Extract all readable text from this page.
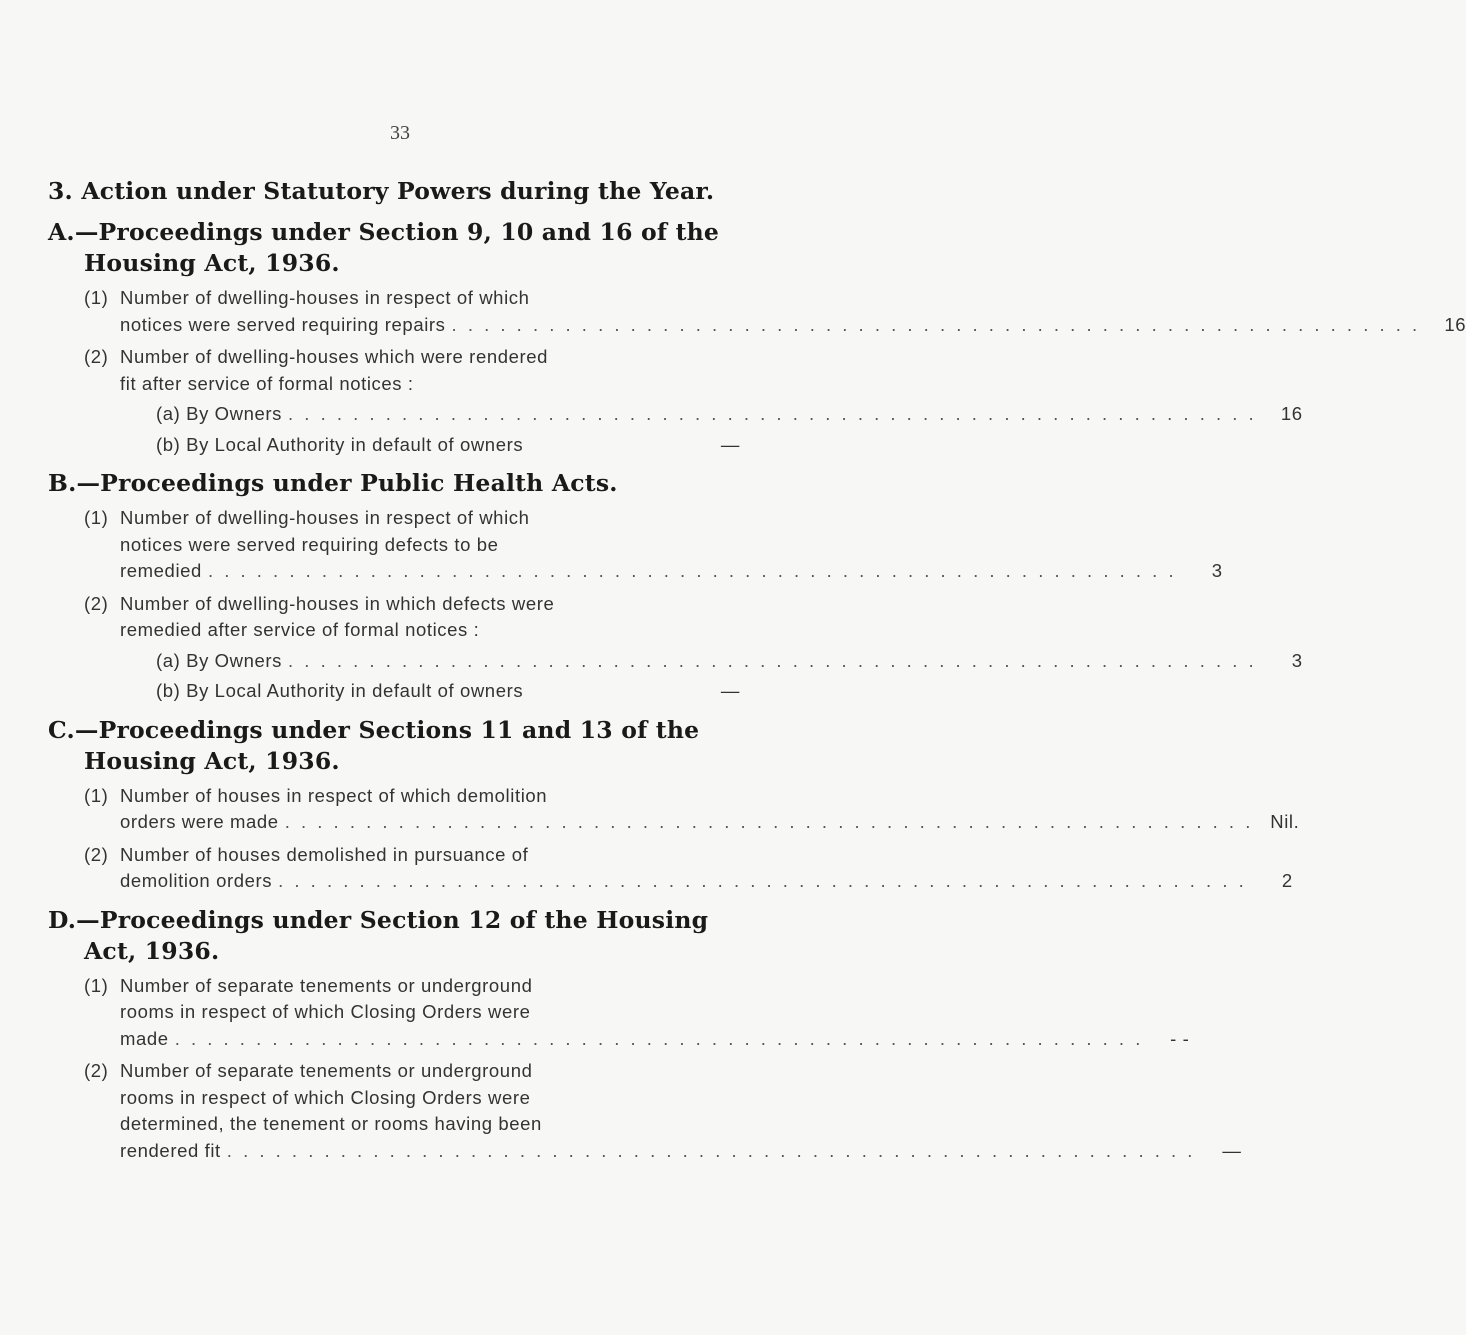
33
3. Action under Statutory Powers during the Year.
A.—Proceedings under Section 9, 10 and 16 of the
Housing Act, 1936.
(1) Number of dwelling-houses in respect of which
notices were served requiring repairs . . . . . . . . . . . . . . . . . . . . . . . . . . . . . . . . . . . . . . . . . . . . . . . . . . . . . . . . . . . .	16
(2) Number of dwelling-houses which were rendered
fit after service of formal notices :
(a) By Owners . . . . . . . . . . . . . . . . . . . . . . . . . . . . . . . . . . . . . . . . . . . . . . . . . . . . . . . . . . . .	16
(b) By Local Authority in default of owners	—
B.—Proceedings under Public Health Acts.
(1) Number of dwelling-houses in respect of which
notices were served requiring defects to be
remedied . . . . . . . . . . . . . . . . . . . . . . . . . . . . . . . . . . . . . . . . . . . . . . . . . . . . . . . . . . . .	3
(2) Number of dwelling-houses in which defects were
remedied after service of formal notices :
(a) By Owners . . . . . . . . . . . . . . . . . . . . . . . . . . . . . . . . . . . . . . . . . . . . . . . . . . . . . . . . . . . .	3
(b) By Local Authority in default of owners	—
C.—Proceedings under Sections 11 and 13 of the
Housing Act, 1936.
(1) Number of houses in respect of which demolition
orders were made . . . . . . . . . . . . . . . . . . . . . . . . . . . . . . . . . . . . . . . . . . . . . . . . . . . . . . . . . . . . Nil.
(2) Number of houses demolished in pursuance of
demolition orders . . . . . . . . . . . . . . . . . . . . . . . . . . . . . . . . . . . . . . . . . . . . . . . . . . . . . . . . . . . .	2
D.—Proceedings under Section 12 of the Housing
Act, 1936.
(1) Number of separate tenements or underground
rooms in respect of which Closing Orders were
made . . . . . . . . . . . . . . . . . . . . . . . . . . . . . . . . . . . . . . . . . . . . . . . . . . . . . . . . . . . .	- -
(2) Number of separate tenements or underground
rooms in respect of which Closing Orders were
determined, the tenement or rooms having been
rendered fit . . . . . . . . . . . . . . . . . . . . . . . . . . . . . . . . . . . . . . . . . . . . . . . . . . . . . . . . . . . .	—
